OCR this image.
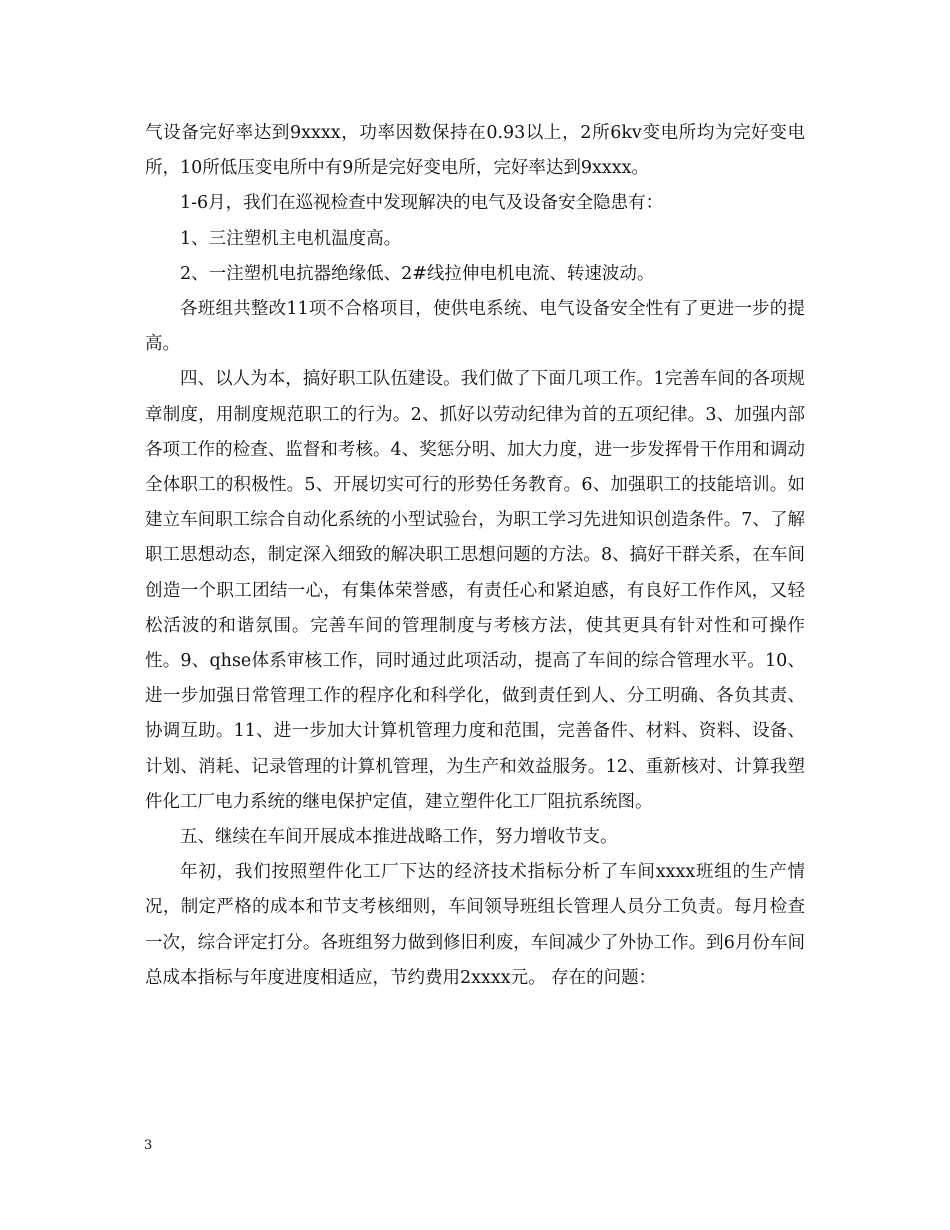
气设备完好率达到9xxxx，功率因数保持在0.93以上，2所6kv变电所均为完好变电所，10所低压变电所中有9所是完好变电所，完好率达到9xxxx。

1-6月，我们在巡视检查中发现解决的电气及设备安全隐患有：

1、三注塑机主电机温度高。

2、一注塑机电抗器绝缘低、2#线拉伸电机电流、转速波动。

各班组共整改11项不合格项目，使供电系统、电气设备安全性有了更进一步的提高。

四、以人为本，搞好职工队伍建设。我们做了下面几项工作。1完善车间的各项规章制度，用制度规范职工的行为。2、抓好以劳动纪律为首的五项纪律。3、加强内部各项工作的检查、监督和考核。4、奖惩分明、加大力度，进一步发挥骨干作用和调动全体职工的积极性。5、开展切实可行的形势任务教育。6、加强职工的技能培训。如建立车间职工综合自动化系统的小型试验台，为职工学习先进知识创造条件。7、了解职工思想动态，制定深入细致的解决职工思想问题的方法。8、搞好干群关系，在车间创造一个职工团结一心，有集体荣誉感，有责任心和紧迫感，有良好工作作风，又轻松活波的和谐氛围。完善车间的管理制度与考核方法，使其更具有针对性和可操作性。9、qhse体系审核工作，同时通过此项活动，提高了车间的综合管理水平。10、进一步加强日常管理工作的程序化和科学化，做到责任到人、分工明确、各负其责、协调互助。11、进一步加大计算机管理力度和范围，完善备件、材料、资料、设备、计划、消耗、记录管理的计算机管理，为生产和效益服务。12、重新核对、计算我塑件化工厂电力系统的继电保护定值，建立塑件化工厂阻抗系统图。

五、继续在车间开展成本推进战略工作，努力增收节支。

年初，我们按照塑件化工厂下达的经济技术指标分析了车间xxxx班组的生产情况，制定严格的成本和节支考核细则，车间领导班组长管理人员分工负责。每月检查一次，综合评定打分。各班组努力做到修旧利废，车间减少了外协工作。到6月份车间总成本指标与年度进度相适应，节约费用2xxxx元。 存在的问题：

3
